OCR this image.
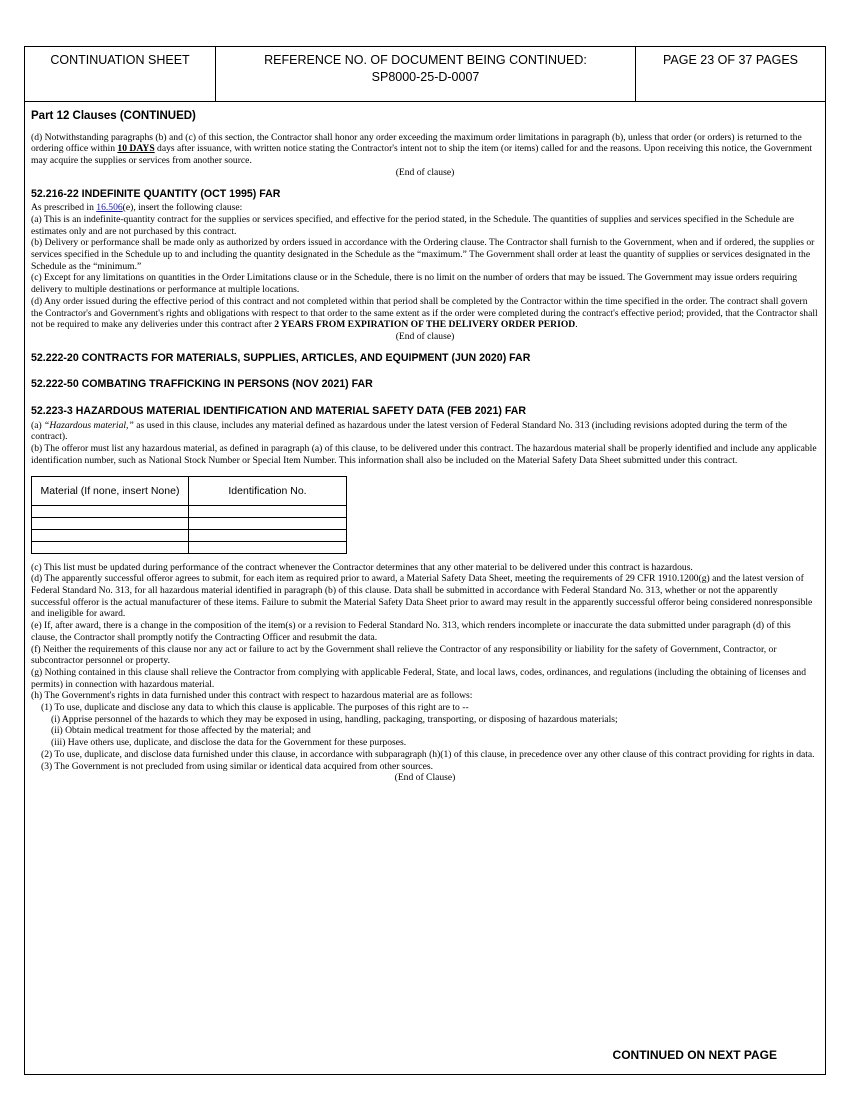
CONTINUATION SHEET	REFERENCE NO. OF DOCUMENT BEING CONTINUED:
SP8000-25-D-0007
PAGE 23 OF 37 PAGES
Part 12 Clauses (CONTINUED)

(d) Notwithstanding paragraphs (b) and (c) of this section, the Contractor shall honor any order exceeding the maximum order limitations in paragraph (b), unless that order (or orders) is returned to the ordering office within 10 DAYS days after issuance, with written notice stating the Contractor's intent not to ship the item (or items) called for and the reasons. Upon receiving this notice, the Government may acquire the supplies or services from another source.

(End of clause)

52.216-22 INDEFINITE QUANTITY (OCT 1995) FAR

As prescribed in 16.506(e), insert the following clause:

(a) This is an indefinite-quantity contract for the supplies or services specified, and effective for the period stated, in the Schedule. The quantities of supplies and services specified in the Schedule are estimates only and are not purchased by this contract.

(b) Delivery or performance shall be made only as authorized by orders issued in accordance with the Ordering clause. The Contractor shall furnish to the Government, when and if ordered, the supplies or services specified in the Schedule up to and including the quantity designated in the Schedule as the “maximum.” The Government shall order at least the quantity of supplies or services designated in the Schedule as the “minimum.”

(c) Except for any limitations on quantities in the Order Limitations clause or in the Schedule, there is no limit on the number of orders that may be issued. The Government may issue orders requiring delivery to multiple destinations or performance at multiple locations.

(d) Any order issued during the effective period of this contract and not completed within that period shall be completed by the Contractor within the time specified in the order. The contract shall govern the Contractor's and Government's rights and obligations with respect to that order to the same extent as if the order were completed during the contract's effective period; provided, that the Contractor shall not be required to make any deliveries under this contract after 2 YEARS FROM EXPIRATION OF THE DELIVERY ORDER PERIOD.

(End of clause)

52.222-20 CONTRACTS FOR MATERIALS, SUPPLIES, ARTICLES, AND EQUIPMENT (JUN 2020) FAR
52.222-50 COMBATING TRAFFICKING IN PERSONS (NOV 2021) FAR
52.223-3 HAZARDOUS MATERIAL IDENTIFICATION AND MATERIAL SAFETY DATA (FEB 2021) FAR

(a) “Hazardous material,” as used in this clause, includes any material defined as hazardous under the latest version of Federal Standard No. 313 (including revisions adopted during the term of the contract).

(b) The offeror must list any hazardous material, as defined in paragraph (a) of this clause, to be delivered under this contract. The hazardous material shall be properly identified and include any applicable identification number, such as National Stock Number or Special Item Number. This information shall also be included on the Material Safety Data Sheet submitted under this contract.

Material (If none, insert None)	Identification No.

(c) This list must be updated during performance of the contract whenever the Contractor determines that any other material to be delivered under this contract is hazardous.

(d) The apparently successful offeror agrees to submit, for each item as required prior to award, a Material Safety Data Sheet, meeting the requirements of 29 CFR 1910.1200(g) and the latest version of Federal Standard No. 313, for all hazardous material identified in paragraph (b) of this clause. Data shall be submitted in accordance with Federal Standard No. 313, whether or not the apparently successful offeror is the actual manufacturer of these items. Failure to submit the Material Safety Data Sheet prior to award may result in the apparently successful offeror being considered nonresponsible and ineligible for award.

(e) If, after award, there is a change in the composition of the item(s) or a revision to Federal Standard No. 313, which renders incomplete or inaccurate the data submitted under paragraph (d) of this clause, the Contractor shall promptly notify the Contracting Officer and resubmit the data.

(f) Neither the requirements of this clause nor any act or failure to act by the Government shall relieve the Contractor of any responsibility or liability for the safety of Government, Contractor, or subcontractor personnel or property.

(g) Nothing contained in this clause shall relieve the Contractor from complying with applicable Federal, State, and local laws, codes, ordinances, and regulations (including the obtaining of licenses and permits) in connection with hazardous material.

(h) The Government's rights in data furnished under this contract with respect to hazardous material are as follows:

(1) To use, duplicate and disclose any data to which this clause is applicable. The purposes of this right are to --

(i) Apprise personnel of the hazards to which they may be exposed in using, handling, packaging, transporting, or disposing of hazardous materials;

(ii) Obtain medical treatment for those affected by the material; and

(iii) Have others use, duplicate, and disclose the data for the Government for these purposes.

(2) To use, duplicate, and disclose data furnished under this clause, in accordance with subparagraph (h)(1) of this clause, in precedence over any other clause of this contract providing for rights in data.

(3) The Government is not precluded from using similar or identical data acquired from other sources.

(End of Clause)

CONTINUED ON NEXT PAGE
